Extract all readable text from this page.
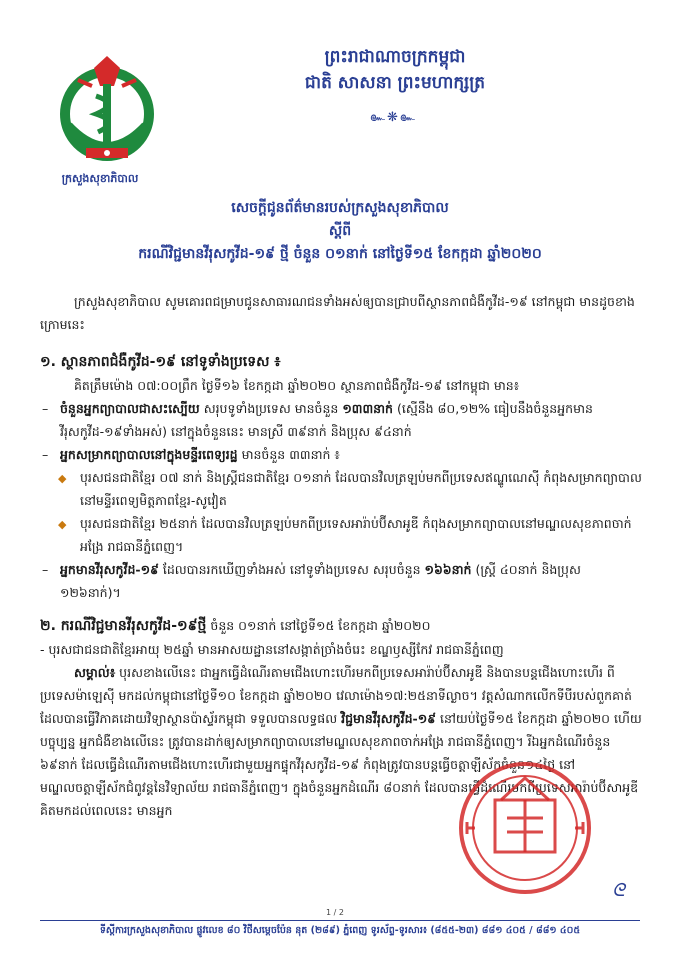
ព្រះរាជាណាចក្រកម្ពុជា
ជាតិ សាសនា ព្រះមហាក្សត្រ
๛❋๛
ក្រសួងសុខាភិបាល
សេចក្តីជូនព័ត៌មានរបស់ក្រសួងសុខាភិបាល
ស្តីពី
ករណីវិជ្ជមានវីរុសកូវីដ-១៩ ថ្មី ចំនួន ០១នាក់ នៅថ្ងៃទី១៥ ខែកក្កដា ឆ្នាំ២០២០

ក្រសួងសុខាភិបាល សូមគោរពជម្រាបជូនសាធារណជនទាំងអស់ឲ្យបានជ្រាបពីស្ថានភាពជំងឺកូវីដ-១៩ នៅកម្ពុជា មានដូចខាងក្រោមនេះ

១. ស្ថានភាពជំងឺកូវីដ-១៩ នៅទូទាំងប្រទេស ៖

គិតត្រឹមម៉ោង ០៧:០០ព្រឹក ថ្ងៃទី១៦ ខែកក្កដា ឆ្នាំ២០២០ ស្ថានភាពជំងឺកូវីដ-១៩ នៅកម្ពុជា មាន៖

– ចំនួនអ្នកព្យាបាលជាសះស្បើយ សរុបទូទាំងប្រទេស មានចំនួន ១៣៣នាក់ (ស្មើនឹង ៨០,១២% ធៀបនឹងចំនួនអ្នកមានវីរុសកូវីដ-១៩ទាំងអស់) នៅក្នុងចំនួននេះ មានស្រី ៣៩នាក់ និងប្រុស ៩៤នាក់

– អ្នកសម្រាកព្យាបាលនៅក្នុងមន្ទីរពេទ្យរដ្ឋ មានចំនួន ៣៣នាក់ ៖

◆ បុរសជនជាតិខ្មែរ ០៧ នាក់ និងស្ត្រីជនជាតិខ្មែរ ០១នាក់ ដែលបានវិលត្រឡប់មកពីប្រទេសឥណ្ឌូណេស៊ី កំពុងសម្រាកព្យាបាលនៅមន្ទីរពេទ្យមិត្តភាពខ្មែរ-សូវៀត

◆ បុរសជនជាតិខ្មែរ ២៥នាក់ ដែលបានវិលត្រឡប់មកពីប្រទេសអារ៉ាប់ប៊ីសាអូឌី កំពុងសម្រាកព្យាបាលនៅមណ្ឌលសុខភាពចាក់អង្រែ រាជធានីភ្នំពេញ។

– អ្នកមានវីរុសកូវីដ-១៩ ដែលបានរកឃើញទាំងអស់ នៅទូទាំងប្រទេស សរុបចំនួន ១៦៦នាក់ (ស្ត្រី ៤០នាក់ និងប្រុស ១២៦នាក់)។

២. ករណីវិជ្ជមានវីរុសកូវីដ-១៩ថ្មី ចំនួន ០១នាក់ នៅថ្ងៃទី១៥ ខែកក្កដា ឆ្នាំ២០២០

- បុរសជាជនជាតិខ្មែរអាយុ ២៥ឆ្នាំ មានអាសយដ្ឋាននៅសង្កាត់ច្រាំងចំរេះ ខណ្ឌឫស្សីកែវ រាជធានីភ្នំពេញ

សម្គាល់៖ បុរសខាងលើនេះ ជាអ្នកធ្វើដំណើរតាមជើងហោះហើរមកពីប្រទេសអារ៉ាប់ប៊ីសាអូឌី និងបានបន្តជើងហោះហើរ ពីប្រទេសម៉ាឡេស៊ី មកដល់កម្ពុជានៅថ្ងៃទី១០ ខែកក្កដា ឆ្នាំ២០២០ វេលាម៉ោង១៧:២៥នាទីល្ងាច។ វត្តសំណាកលើកទីបីរបស់ពួកគាត់ ដែលបានធ្វើវិភាគដោយវិទ្យាស្ថានប៉ាស្ទ័រកម្ពុជា ទទួលបានលទ្ធផល វិជ្ជមានវីរុសកូវីដ-១៩ នៅយប់ថ្ងៃទី១៥ ខែកក្កដា ឆ្នាំ២០២០ ហើយបច្ចុប្បន្ន អ្នកជំងឺខាងលើនេះ ត្រូវបានដាក់ឲ្យសម្រាកព្យាបាលនៅមណ្ឌលសុខភាពចាក់អង្រែ រាជធានីភ្នំពេញ។ រីឯអ្នកដំណើរចំនួន ៦៩នាក់ ដែលធ្វើដំណើរតាមជើងហោះហើរជាមួយអ្នកផ្ទុកវីរុសកូវីដ-១៩ កំពុងត្រូវបានបន្តធ្វើចត្តាឡីស័កចំនួន១៤ថ្ងៃ នៅមណ្ឌលចត្តាឡីស័កជំពូវន្តនៃវិទ្យាល័យ រាជធានីភ្នំពេញ។ ក្នុងចំនួនអ្នកដំណើរ ៨០នាក់ ដែលបានធ្វើដំណើរមកពីប្រទេសអារ៉ាប់ប៊ីសាអូឌី គិតមកដល់ពេលនេះ មានអ្នក

ᘓ
1 / 2
ទីស្តីការក្រសួងសុខាភិបាល ផ្លូវលេខ ៨០ វិថីសម្តេចប៉ែន នុត (២៨៩) ភ្នំពេញ ទូរស័ព្ទ-ទូរសារ៖ (៨៥៥-២៣) ៨៨១ ៤០៥ / ៨៨១ ៤០៥
